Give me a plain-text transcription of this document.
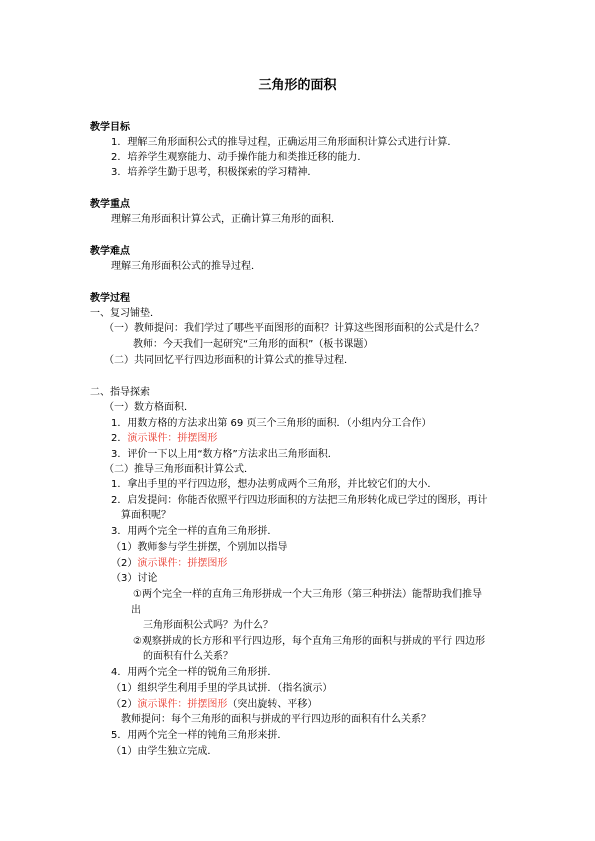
三角形的面积
教学目标
1．理解三角形面积公式的推导过程，正确运用三角形面积计算公式进行计算．
2．培养学生观察能力、动手操作能力和类推迁移的能力．
3．培养学生勤于思考，积极探索的学习精神．
教学重点
理解三角形面积计算公式，正确计算三角形的面积．
教学难点
理解三角形面积公式的推导过程．
教学过程
一、复习铺垫．
（一）教师提问：我们学过了哪些平面图形的面积？计算这些图形面积的公式是什么？
教师：今天我们一起研究“三角形的面积”（板书课题）
（二）共同回忆平行四边形面积的计算公式的推导过程．
二、指导探索
（一）数方格面积．
1．用数方格的方法求出第 69 页三个三角形的面积．（小组内分工合作）
2．演示课件：拼摆图形
3．评价一下以上用“数方格”方法求出三角形面积．
（二）推导三角形面积计算公式．
1．拿出手里的平行四边形，想办法剪成两个三角形，并比较它们的大小．
2．启发提问：你能否依照平行四边形面积的方法把三角形转化成已学过的图形，再计
算面积呢？
3．用两个完全一样的直角三角形拼．
（1）教师参与学生拼摆，个别加以指导
（2）演示课件：拼摆图形
（3）讨论
①两个完全一样的直角三角形拼成一个大三角形（第三种拼法）能帮助我们推导
出
三角形面积公式吗？为什么？
②观察拼成的长方形和平行四边形，每个直角三角形的面积与拼成的平行 四边形
的面积有什么关系？
4．用两个完全一样的锐角三角形拼．
（1）组织学生利用手里的学具试拼．（指名演示）
（2）演示课件：拼摆图形（突出旋转、平移）
教师提问：每个三角形的面积与拼成的平行四边形的面积有什么关系？
5．用两个完全一样的钝角三角形来拼．
（1）由学生独立完成．
